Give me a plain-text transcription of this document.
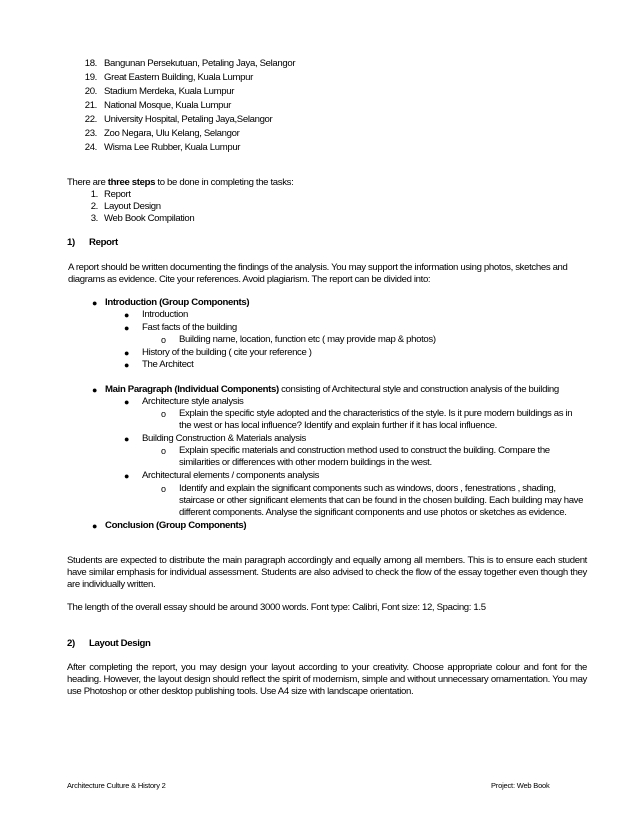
18. Bangunan Persekutuan, Petaling Jaya, Selangor
19. Great Eastern Building, Kuala Lumpur
20. Stadium Merdeka, Kuala Lumpur
21. National Mosque, Kuala Lumpur
22. University Hospital, Petaling Jaya,Selangor
23. Zoo Negara, Ulu Kelang, Selangor
24. Wisma Lee Rubber, Kuala Lumpur
There are three steps to be done in completing the tasks:
1. Report
2. Layout Design
3. Web Book Compilation
1) Report
A report should be written documenting the findings of the analysis. You may support the information using photos, sketches and diagrams as evidence. Cite your references. Avoid plagiarism. The report can be divided into:
● Introduction (Group Components)
● Introduction
● Fast facts of the building
o Building name, location, function etc ( may provide map & photos)
● History of the building ( cite your reference )
● The Architect
● Main Paragraph (Individual Components) consisting of Architectural style and construction analysis of the building
● Architecture style analysis
o Explain the specific style adopted and the characteristics of the style. Is it pure modern buildings as in the west or has local influence? Identify and explain further if it has local influence.
● Building Construction & Materials analysis
o Explain specific materials and construction method used to construct the building. Compare the similarities or differences with other modern buildings in the west.
● Architectural elements / components analysis
o Identify and explain the significant components such as windows, doors , fenestrations , shading, staircase or other significant elements that can be found in the chosen building. Each building may have different components. Analyse the significant components and use photos or sketches as evidence.
● Conclusion (Group Components)
Students are expected to distribute the main paragraph accordingly and equally among all members. This is to ensure each student have similar emphasis for individual assessment. Students are also advised to check the flow of the essay together even though they are individually written.
The length of the overall essay should be around 3000 words. Font type: Calibri, Font size: 12, Spacing: 1.5
2) Layout Design
After completing the report, you may design your layout according to your creativity. Choose appropriate colour and font for the heading. However, the layout design should reflect the spirit of modernism, simple and without unnecessary ornamentation. You may use Photoshop or other desktop publishing tools. Use A4 size with landscape orientation.
Architecture Culture & History 2	Project: Web Book
